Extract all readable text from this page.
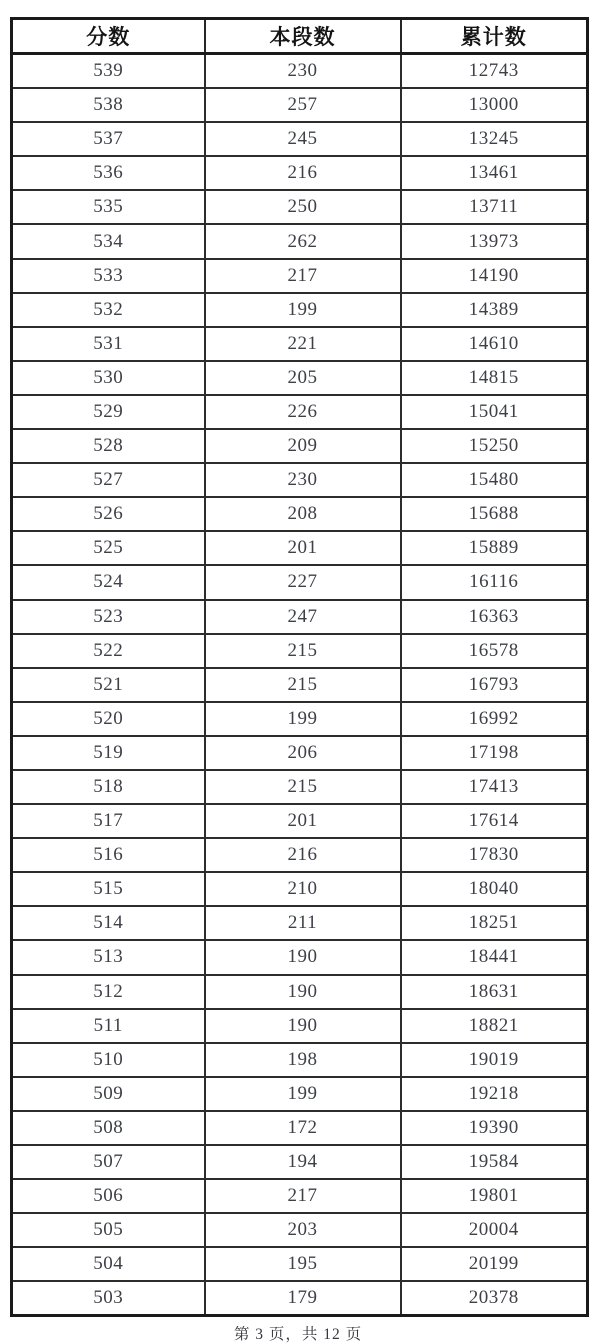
分数	本段数	累计数
539	230	12743
538	257	13000
537	245	13245
536	216	13461
535	250	13711
534	262	13973
533	217	14190
532	199	14389
531	221	14610
530	205	14815
529	226	15041
528	209	15250
527	230	15480
526	208	15688
525	201	15889
524	227	16116
523	247	16363
522	215	16578
521	215	16793
520	199	16992
519	206	17198
518	215	17413
517	201	17614
516	216	17830
515	210	18040
514	211	18251
513	190	18441
512	190	18631
511	190	18821
510	198	19019
509	199	19218
508	172	19390
507	194	19584
506	217	19801
505	203	20004
504	195	20199
503	179	20378
第 3 页，共 12 页
